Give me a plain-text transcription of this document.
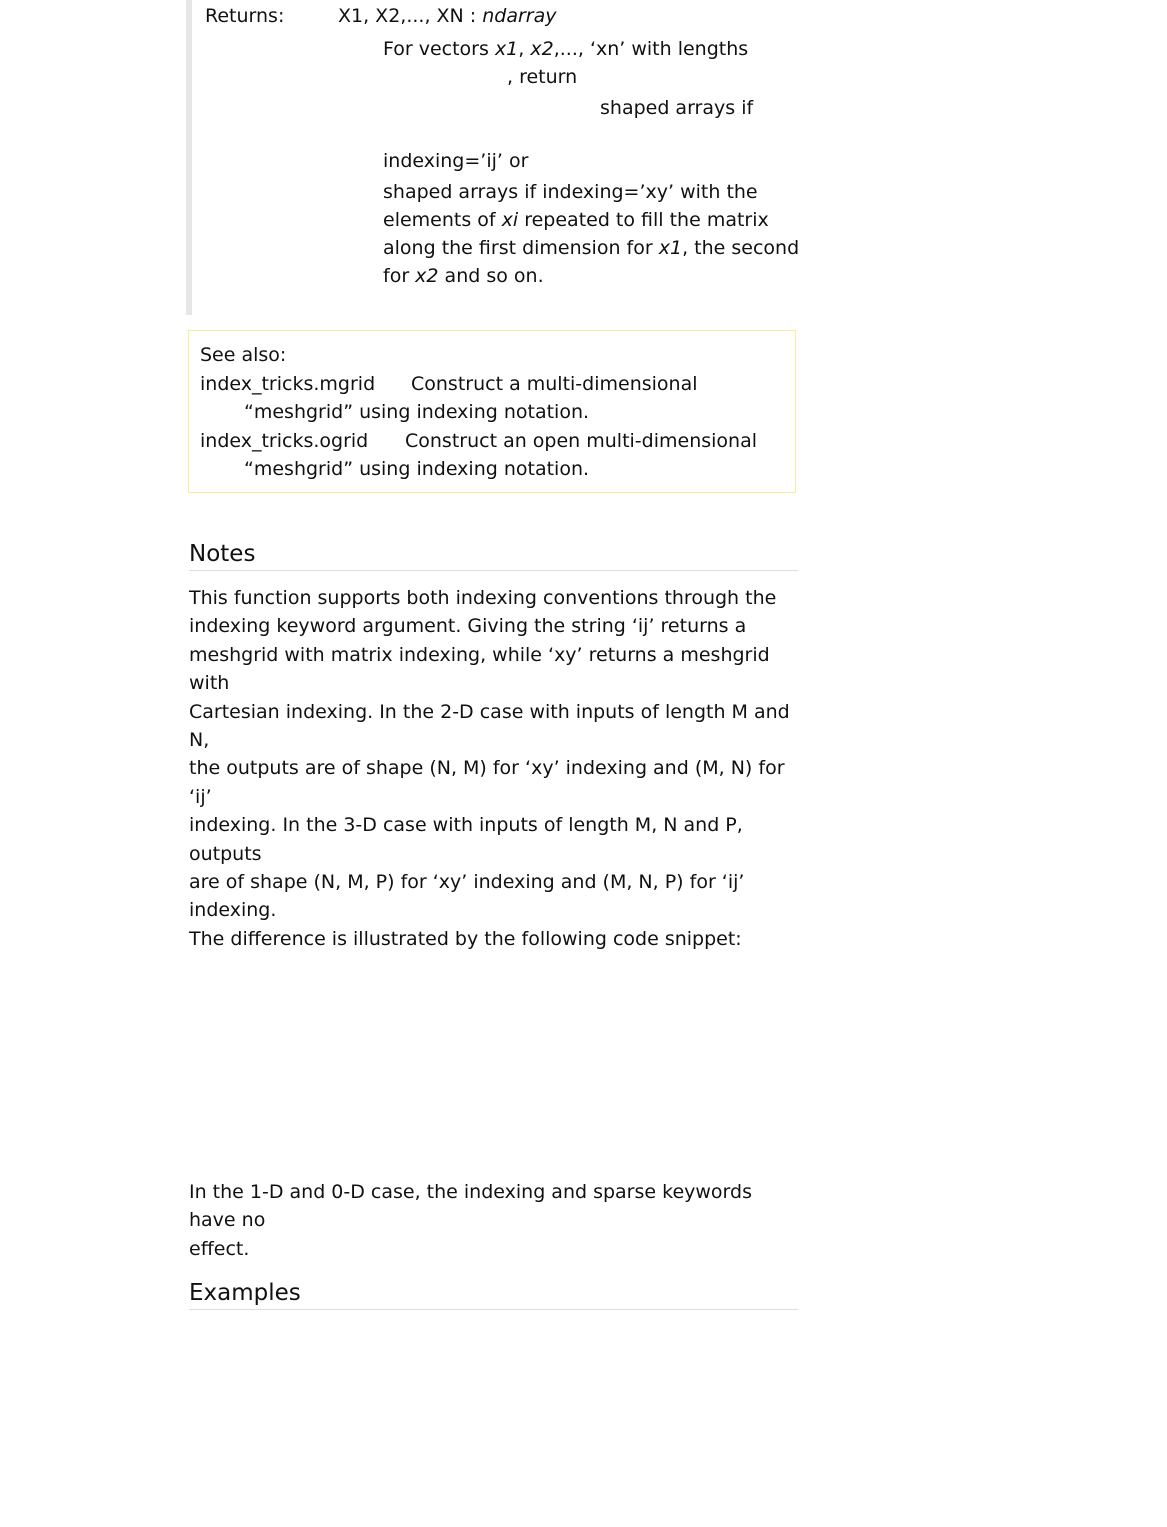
Returns:	X1, X2,..., XN : ndarray
For vectors x1, x2,..., ‘xn’ with lengths
, return
shaped arrays if
indexing=’ij’ or
shaped arrays if indexing=’xy’ with the
elements of xi repeated to fill the matrix
along the first dimension for x1, the second
for x2 and so on.
See also:
index_tricks.mgrid Construct a multi-dimensional
“meshgrid” using indexing notation.
index_tricks.ogrid Construct an open multi-dimensional
“meshgrid” using indexing notation.
Notes
This function supports both indexing conventions through the
indexing keyword argument. Giving the string ‘ij’ returns a
meshgrid with matrix indexing, while ‘xy’ returns a meshgrid with
Cartesian indexing. In the 2-D case with inputs of length M and N,
the outputs are of shape (N, M) for ‘xy’ indexing and (M, N) for ‘ij’
indexing. In the 3-D case with inputs of length M, N and P, outputs
are of shape (N, M, P) for ‘xy’ indexing and (M, N, P) for ‘ij’ indexing.
The difference is illustrated by the following code snippet:
In the 1-D and 0-D case, the indexing and sparse keywords have no
effect.
Examples
